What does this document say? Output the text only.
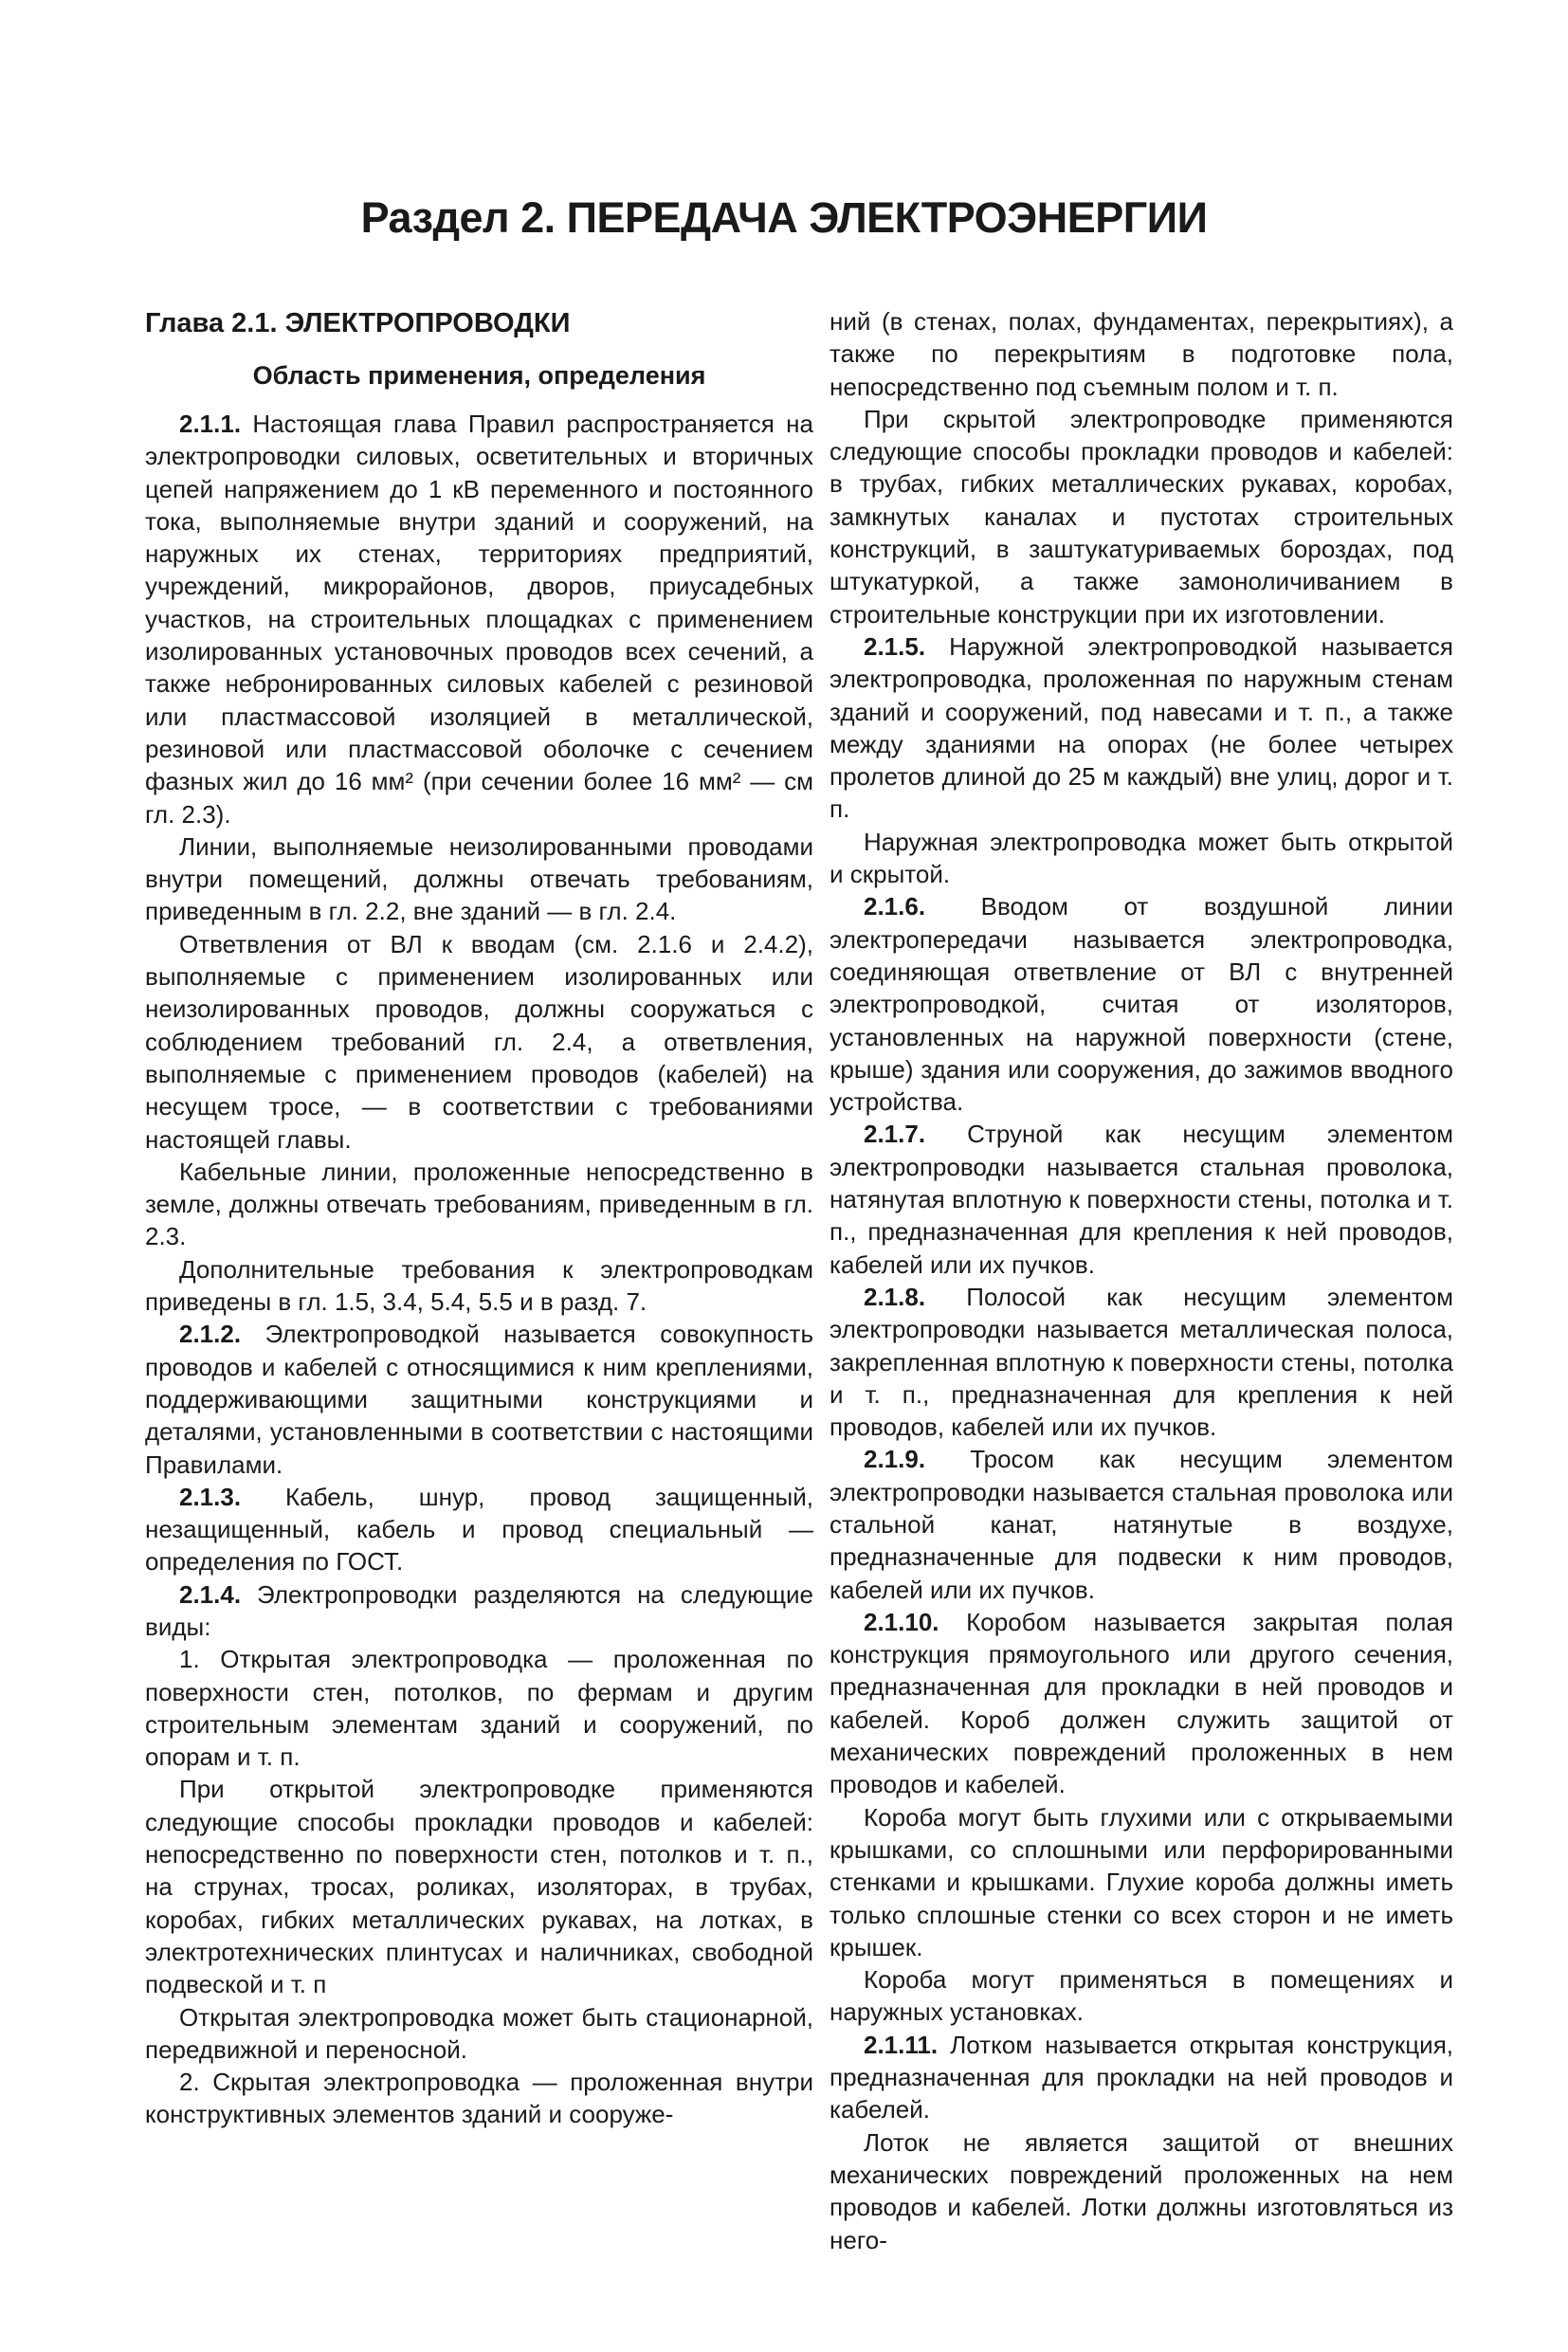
Раздел 2. ПЕРЕДАЧА ЭЛЕКТРОЭНЕРГИИ
Глава 2.1. ЭЛЕКТРОПРОВОДКИ
Область применения, определения

2.1.1. Настоящая глава Правил распространяется на электропроводки силовых, осветительных и вторичных цепей напряжением до 1 кВ переменного и постоянного тока, выполняемые внутри зданий и сооружений, на наружных их стенах, территориях предприятий, учреждений, микрорайонов, дворов, приусадебных участков, на строительных площадках с применением изолированных установочных проводов всех сечений, а также небронированных силовых кабелей с резиновой или пластмассовой изоляцией в металлической, резиновой или пластмассовой оболочке с сечением фазных жил до 16 мм² (при сечении более 16 мм² — см гл. 2.3).

Линии, выполняемые неизолированными проводами внутри помещений, должны отвечать требованиям, приведенным в гл. 2.2, вне зданий — в гл. 2.4.

Ответвления от ВЛ к вводам (см. 2.1.6 и 2.4.2), выполняемые с применением изолированных или неизолированных проводов, должны сооружаться с соблюдением требований гл. 2.4, а ответвления, выполняемые с применением проводов (кабелей) на несущем тросе, — в соответствии с требованиями настоящей главы.

Кабельные линии, проложенные непосредственно в земле, должны отвечать требованиям, приведенным в гл. 2.3.

Дополнительные требования к электропроводкам приведены в гл. 1.5, 3.4, 5.4, 5.5 и в разд. 7.

2.1.2. Электропроводкой называется совокупность проводов и кабелей с относящимися к ним креплениями, поддерживающими защитными конструкциями и деталями, установленными в соответствии с настоящими Правилами.

2.1.3. Кабель, шнур, провод защищенный, незащищенный, кабель и провод специальный — определения по ГОСТ.

2.1.4. Электропроводки разделяются на следующие виды:

1. Открытая электропроводка — проложенная по поверхности стен, потолков, по фермам и другим строительным элементам зданий и сооружений, по опорам и т. п.

При открытой электропроводке применяются следующие способы прокладки проводов и кабелей: непосредственно по поверхности стен, потолков и т. п., на струнах, тросах, роликах, изоляторах, в трубах, коробах, гибких металлических рукавах, на лотках, в электротехнических плинтусах и наличниках, свободной подвеской и т. п

Открытая электропроводка может быть стационарной, передвижной и переносной.

2. Скрытая электропроводка — проложенная внутри конструктивных элементов зданий и сооруже-

ний (в стенах, полах, фундаментах, перекрытиях), а также по перекрытиям в подготовке пола, непосредственно под съемным полом и т. п.

При скрытой электропроводке применяются следующие способы прокладки проводов и кабелей: в трубах, гибких металлических рукавах, коробах, замкнутых каналах и пустотах строительных конструкций, в заштукатуриваемых бороздах, под штукатуркой, а также замоноличиванием в строительные конструкции при их изготовлении.

2.1.5. Наружной электропроводкой называется электропроводка, проложенная по наружным стенам зданий и сооружений, под навесами и т. п., а также между зданиями на опорах (не более четырех пролетов длиной до 25 м каждый) вне улиц, дорог и т. п.

Наружная электропроводка может быть открытой и скрытой.

2.1.6. Вводом от воздушной линии электропередачи называется электропроводка, соединяющая ответвление от ВЛ с внутренней электропроводкой, считая от изоляторов, установленных на наружной поверхности (стене, крыше) здания или сооружения, до зажимов вводного устройства.

2.1.7. Струной как несущим элементом электропроводки называется стальная проволока, натянутая вплотную к поверхности стены, потолка и т. п., предназначенная для крепления к ней проводов, кабелей или их пучков.

2.1.8. Полосой как несущим элементом электропроводки называется металлическая полоса, закрепленная вплотную к поверхности стены, потолка и т. п., предназначенная для крепления к ней проводов, кабелей или их пучков.

2.1.9. Тросом как несущим элементом электропроводки называется стальная проволока или стальной канат, натянутые в воздухе, предназначенные для подвески к ним проводов, кабелей или их пучков.

2.1.10. Коробом называется закрытая полая конструкция прямоугольного или другого сечения, предназначенная для прокладки в ней проводов и кабелей. Короб должен служить защитой от механических повреждений проложенных в нем проводов и кабелей.

Короба могут быть глухими или с открываемыми крышками, со сплошными или перфорированными стенками и крышками. Глухие короба должны иметь только сплошные стенки со всех сторон и не иметь крышек.

Короба могут применяться в помещениях и наружных установках.

2.1.11. Лотком называется открытая конструкция, предназначенная для прокладки на ней проводов и кабелей.

Лоток не является защитой от внешних механических повреждений проложенных на нем проводов и кабелей. Лотки должны изготовляться из него-
